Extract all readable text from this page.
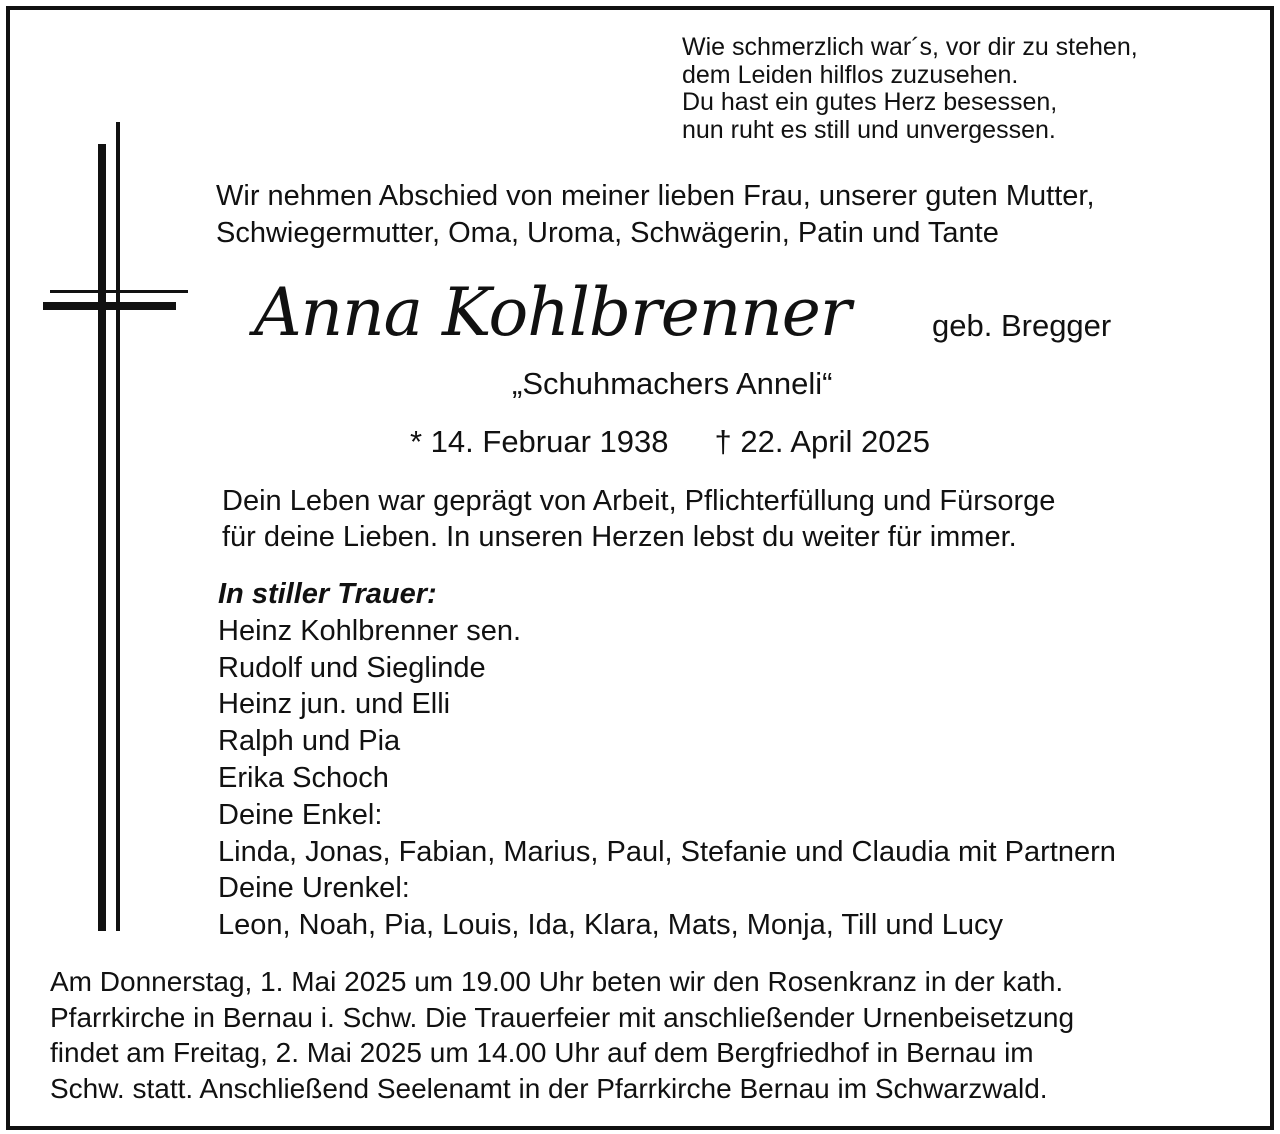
Wie schmerzlich war´s, vor dir zu stehen,
dem Leiden hilflos zuzusehen.
Du hast ein gutes Herz besessen,
nun ruht es still und unvergessen.
Wir nehmen Abschied von meiner lieben Frau, unserer guten Mutter,
Schwiegermutter, Oma, Uroma, Schwägerin, Patin und Tante
Anna Kohlbrenner	geb. Bregger
„Schuhmachers Anneli“
* 14. Februar 1938 † 22. April 2025
Dein Leben war geprägt von Arbeit, Pflichterfüllung und Fürsorge
für deine Lieben. In unseren Herzen lebst du weiter für immer.
In stiller Trauer:
Heinz Kohlbrenner sen.
Rudolf und Sieglinde
Heinz jun. und Elli
Ralph und Pia
Erika Schoch
Deine Enkel:
Linda, Jonas, Fabian, Marius, Paul, Stefanie und Claudia mit Partnern
Deine Urenkel:
Leon, Noah, Pia, Louis, Ida, Klara, Mats, Monja, Till und Lucy
Am Donnerstag, 1. Mai 2025 um 19.00 Uhr beten wir den Rosenkranz in der kath.
Pfarrkirche in Bernau i. Schw. Die Trauerfeier mit anschließender Urnenbeisetzung
findet am Freitag, 2. Mai 2025 um 14.00 Uhr auf dem Bergfriedhof in Bernau im
Schw. statt. Anschließend Seelenamt in der Pfarrkirche Bernau im Schwarzwald.
